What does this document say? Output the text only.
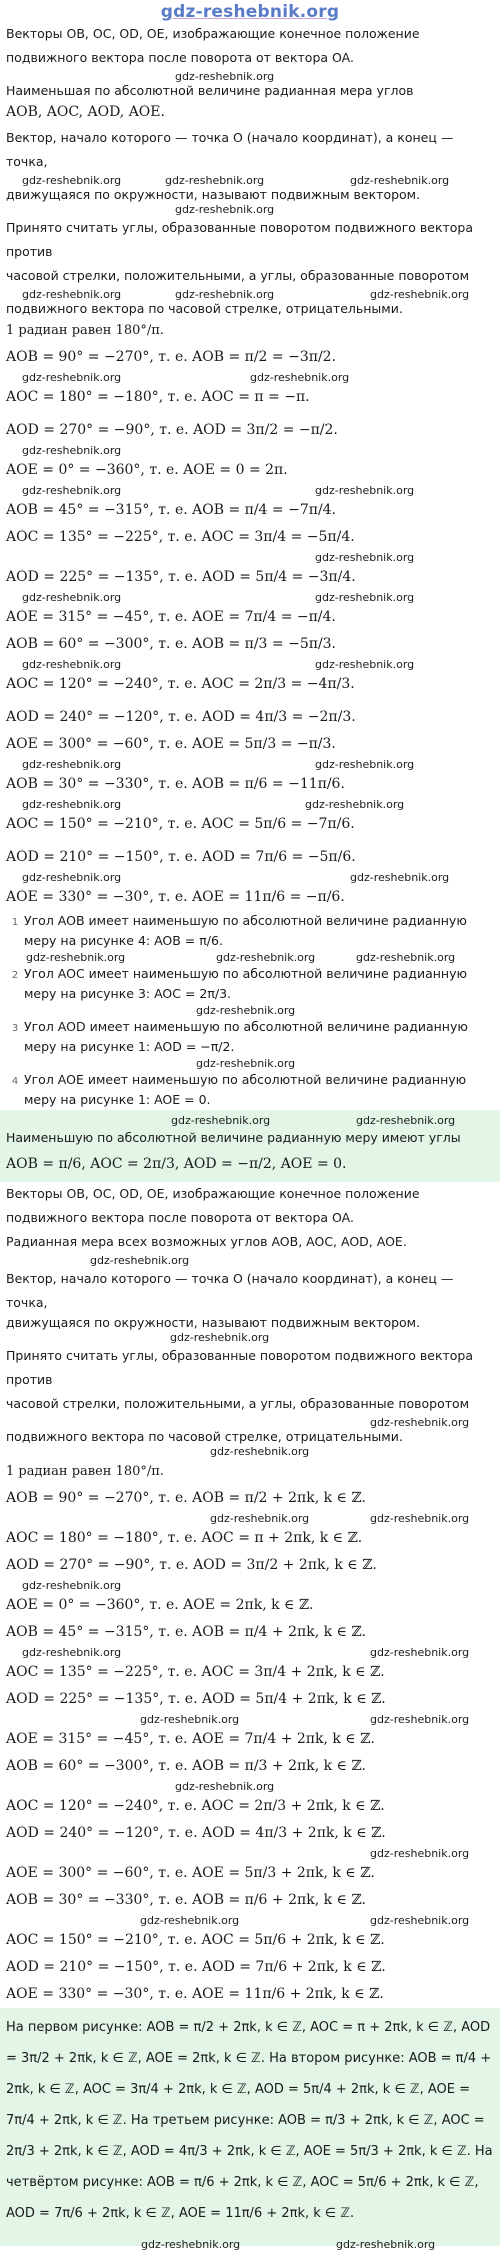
gdz-reshebnik.org
Векторы OB, OC, OD, OE, изображающие конечное положение
подвижного вектора после поворота от вектора OA.
gdz-reshebnik.org
Наименьшая по абсолютной величине радианная мера углов
AOB, AOC, AOD, AOE.
Вектор, начало которого — точка O (начало координат), а конец — точка,
gdz-reshebnik.org	gdz-reshebnik.org	gdz-reshebnik.org
движущаяся по окружности, называют подвижным вектором.
gdz-reshebnik.org
Принято считать углы, образованные поворотом подвижного вектора против
часовой стрелки, положительными, а углы, образованные поворотом
gdz-reshebnik.org	gdz-reshebnik.org	gdz-reshebnik.org
подвижного вектора по часовой стрелке, отрицательными.
1 радиан равен 180°/π.
AOB = 90° = −270°, т. е. AOB = π/2 = −3π/2.
gdz-reshebnik.org	gdz-reshebnik.org
AOC = 180° = −180°, т. е. AOC = π = −π.
AOD = 270° = −90°, т. е. AOD = 3π/2 = −π/2.
gdz-reshebnik.org
AOE = 0° = −360°, т. е. AOE = 0 = 2π.
gdz-reshebnik.org	gdz-reshebnik.org
AOB = 45° = −315°, т. е. AOB = π/4 = −7π/4.
AOC = 135° = −225°, т. е. AOC = 3π/4 = −5π/4.
gdz-reshebnik.org
AOD = 225° = −135°, т. е. AOD = 5π/4 = −3π/4.
gdz-reshebnik.org	gdz-reshebnik.org
AOE = 315° = −45°, т. е. AOE = 7π/4 = −π/4.
AOB = 60° = −300°, т. е. AOB = π/3 = −5π/3.
gdz-reshebnik.org	gdz-reshebnik.org
AOC = 120° = −240°, т. е. AOC = 2π/3 = −4π/3.
AOD = 240° = −120°, т. е. AOD = 4π/3 = −2π/3.
AOE = 300° = −60°, т. е. AOE = 5π/3 = −π/3.
gdz-reshebnik.org	gdz-reshebnik.org
AOB = 30° = −330°, т. е. AOB = π/6 = −11π/6.
gdz-reshebnik.org	gdz-reshebnik.org
AOC = 150° = −210°, т. е. AOC = 5π/6 = −7π/6.
AOD = 210° = −150°, т. е. AOD = 7π/6 = −5π/6.
gdz-reshebnik.org	gdz-reshebnik.org
AOE = 330° = −30°, т. е. AOE = 11π/6 = −π/6.
1 Угол AOB имеет наименьшую по абсолютной величине радианную меру на рисунке 4: AOB = π/6.
gdz-reshebnik.org	gdz-reshebnik.org	gdz-reshebnik.org
2 Угол AOC имеет наименьшую по абсолютной величине радианную меру на рисунке 3: AOC = 2π/3.
gdz-reshebnik.org
3 Угол AOD имеет наименьшую по абсолютной величине радианную меру на рисунке 1: AOD = −π/2.
gdz-reshebnik.org
4 Угол AOE имеет наименьшую по абсолютной величине радианную меру на рисунке 1: AOE = 0.
gdz-reshebnik.org	gdz-reshebnik.org
Наименьшую по абсолютной величине радианную меру имеют углы
AOB = π/6, AOC = 2π/3, AOD = −π/2, AOE = 0.
Векторы OB, OC, OD, OE, изображающие конечное положение
подвижного вектора после поворота от вектора OA.
Радианная мера всех возможных углов AOB, AOC, AOD, AOE.
gdz-reshebnik.org
Вектор, начало которого — точка O (начало координат), а конец — точка,
движущаяся по окружности, называют подвижным вектором.
gdz-reshebnik.org
Принято считать углы, образованные поворотом подвижного вектора против
часовой стрелки, положительными, а углы, образованные поворотом
gdz-reshebnik.org
подвижного вектора по часовой стрелке, отрицательными.
gdz-reshebnik.org
1 радиан равен 180°/π.
AOB = 90° = −270°, т. е. AOB = π/2 + 2πk, k ∈ ℤ.
gdz-reshebnik.org	gdz-reshebnik.org
AOC = 180° = −180°, т. е. AOC = π + 2πk, k ∈ ℤ.
AOD = 270° = −90°, т. е. AOD = 3π/2 + 2πk, k ∈ ℤ.
gdz-reshebnik.org
AOE = 0° = −360°, т. е. AOE = 2πk, k ∈ ℤ.
AOB = 45° = −315°, т. е. AOB = π/4 + 2πk, k ∈ ℤ.
gdz-reshebnik.org	gdz-reshebnik.org
AOC = 135° = −225°, т. е. AOC = 3π/4 + 2πk, k ∈ ℤ.
AOD = 225° = −135°, т. е. AOD = 5π/4 + 2πk, k ∈ ℤ.
gdz-reshebnik.org	gdz-reshebnik.org
AOE = 315° = −45°, т. е. AOE = 7π/4 + 2πk, k ∈ ℤ.
AOB = 60° = −300°, т. е. AOB = π/3 + 2πk, k ∈ ℤ.
gdz-reshebnik.org
AOC = 120° = −240°, т. е. AOC = 2π/3 + 2πk, k ∈ ℤ.
AOD = 240° = −120°, т. е. AOD = 4π/3 + 2πk, k ∈ ℤ.
gdz-reshebnik.org
AOE = 300° = −60°, т. е. AOE = 5π/3 + 2πk, k ∈ ℤ.
AOB = 30° = −330°, т. е. AOB = π/6 + 2πk, k ∈ ℤ.
gdz-reshebnik.org	gdz-reshebnik.org
AOC = 150° = −210°, т. е. AOC = 5π/6 + 2πk, k ∈ ℤ.
AOD = 210° = −150°, т. е. AOD = 7π/6 + 2πk, k ∈ ℤ.
AOE = 330° = −30°, т. е. AOE = 11π/6 + 2πk, k ∈ ℤ.
На первом рисунке: AOB = π/2 + 2πk, k ∈ ℤ, AOC = π + 2πk, k ∈ ℤ, AOD = 3π/2 + 2πk, k ∈ ℤ, AOE = 2πk, k ∈ ℤ. На втором рисунке: AOB = π/4 + 2πk, k ∈ ℤ, AOC = 3π/4 + 2πk, k ∈ ℤ, AOD = 5π/4 + 2πk, k ∈ ℤ, AOE = 7π/4 + 2πk, k ∈ ℤ. На третьем рисунке: AOB = π/3 + 2πk, k ∈ ℤ, AOC = 2π/3 + 2πk, k ∈ ℤ, AOD = 4π/3 + 2πk, k ∈ ℤ, AOE = 5π/3 + 2πk, k ∈ ℤ. На четвёртом рисунке: AOB = π/6 + 2πk, k ∈ ℤ, AOC = 5π/6 + 2πk, k ∈ ℤ, AOD = 7π/6 + 2πk, k ∈ ℤ, AOE = 11π/6 + 2πk, k ∈ ℤ.
gdz-reshebnik.org	gdz-reshebnik.org
